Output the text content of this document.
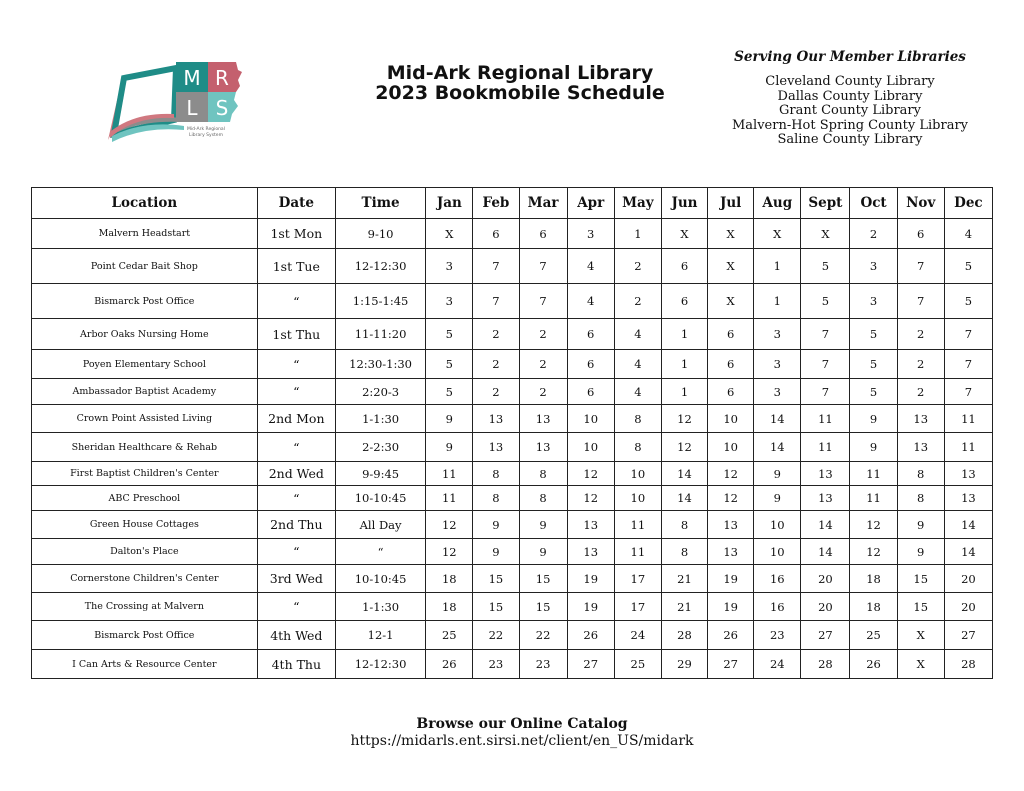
M R
L S
Mid-Ark Regional
Library System
Mid-Ark Regional Library
2023 Bookmobile Schedule
Serving Our Member Libraries
Cleveland County Library
Dallas County Library
Grant County Library
Malvern-Hot Spring County Library
Saline County Library
Location	Date	Time	Jan	Feb	Mar	Apr	May	Jun	Jul	Aug	Sept	Oct	Nov	Dec
Malvern Headstart	1st Mon	9-10	X	6	6	3	1	X	X	X	X	2	6	4
Point Cedar Bait Shop	1st Tue	12-12:30	3	7	7	4	2	6	X	1	5	3	7	5
Bismarck Post Office	“	1:15-1:45	3	7	7	4	2	6	X	1	5	3	7	5
Arbor Oaks Nursing Home	1st Thu	11-11:20	5	2	2	6	4	1	6	3	7	5	2	7
Poyen Elementary School	“	12:30-1:30	5	2	2	6	4	1	6	3	7	5	2	7
Ambassador Baptist Academy	“	2:20-3	5	2	2	6	4	1	6	3	7	5	2	7
Crown Point Assisted Living	2nd Mon	1-1:30	9	13	13	10	8	12	10	14	11	9	13	11
Sheridan Healthcare & Rehab	“	2-2:30	9	13	13	10	8	12	10	14	11	9	13	11
First Baptist Children's Center	2nd Wed	9-9:45	11	8	8	12	10	14	12	9	13	11	8	13
ABC Preschool	“	10-10:45	11	8	8	12	10	14	12	9	13	11	8	13
Green House Cottages	2nd Thu	All Day	12	9	9	13	11	8	13	10	14	12	9	14
Dalton's Place	“	“	12	9	9	13	11	8	13	10	14	12	9	14
Cornerstone Children's Center	3rd Wed	10-10:45	18	15	15	19	17	21	19	16	20	18	15	20
The Crossing at Malvern	“	1-1:30	18	15	15	19	17	21	19	16	20	18	15	20
Bismarck Post Office	4th Wed	12-1	25	22	22	26	24	28	26	23	27	25	X	27
I Can Arts & Resource Center	4th Thu	12-12:30	26	23	23	27	25	29	27	24	28	26	X	28
Browse our Online Catalog
https://midarls.ent.sirsi.net/client/en_US/midark
